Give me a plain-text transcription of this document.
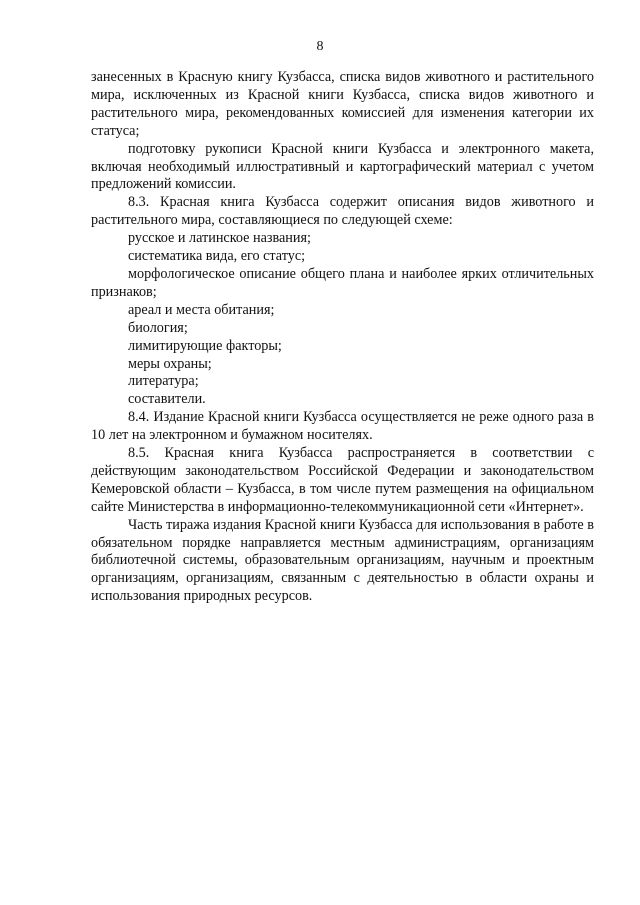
8

занесенных в Красную книгу Кузбасса, списка видов животного и растительного мира, исключенных из Красной книги Кузбасса, списка видов животного и растительного мира, рекомендованных комиссией для изменения категории их статуса;

подготовку рукописи Красной книги Кузбасса и электронного макета, включая необходимый иллюстративный и картографический материал с учетом предложений комиссии.

8.3. Красная книга Кузбасса содержит описания видов животного и растительного мира, составляющиеся по следующей схеме:

русское и латинское названия;

систематика вида, его статус;

морфологическое описание общего плана и наиболее ярких отличительных признаков;

ареал и места обитания;

биология;

лимитирующие факторы;

меры охраны;

литература;

составители.

8.4. Издание Красной книги Кузбасса осуществляется не реже одного раза в 10 лет на электронном и бумажном носителях.

8.5. Красная книга Кузбасса распространяется в соответствии с действующим законодательством Российской Федерации и законодательством Кемеровской области – Кузбасса, в том числе путем размещения на официальном сайте Министерства в информационно-телекоммуникационной сети «Интернет».

Часть тиража издания Красной книги Кузбасса для использования в работе в обязательном порядке направляется местным администрациям, организациям библиотечной системы, образовательным организациям, научным и проектным организациям, организациям, связанным с деятельностью в области охраны и использования природных ресурсов.
